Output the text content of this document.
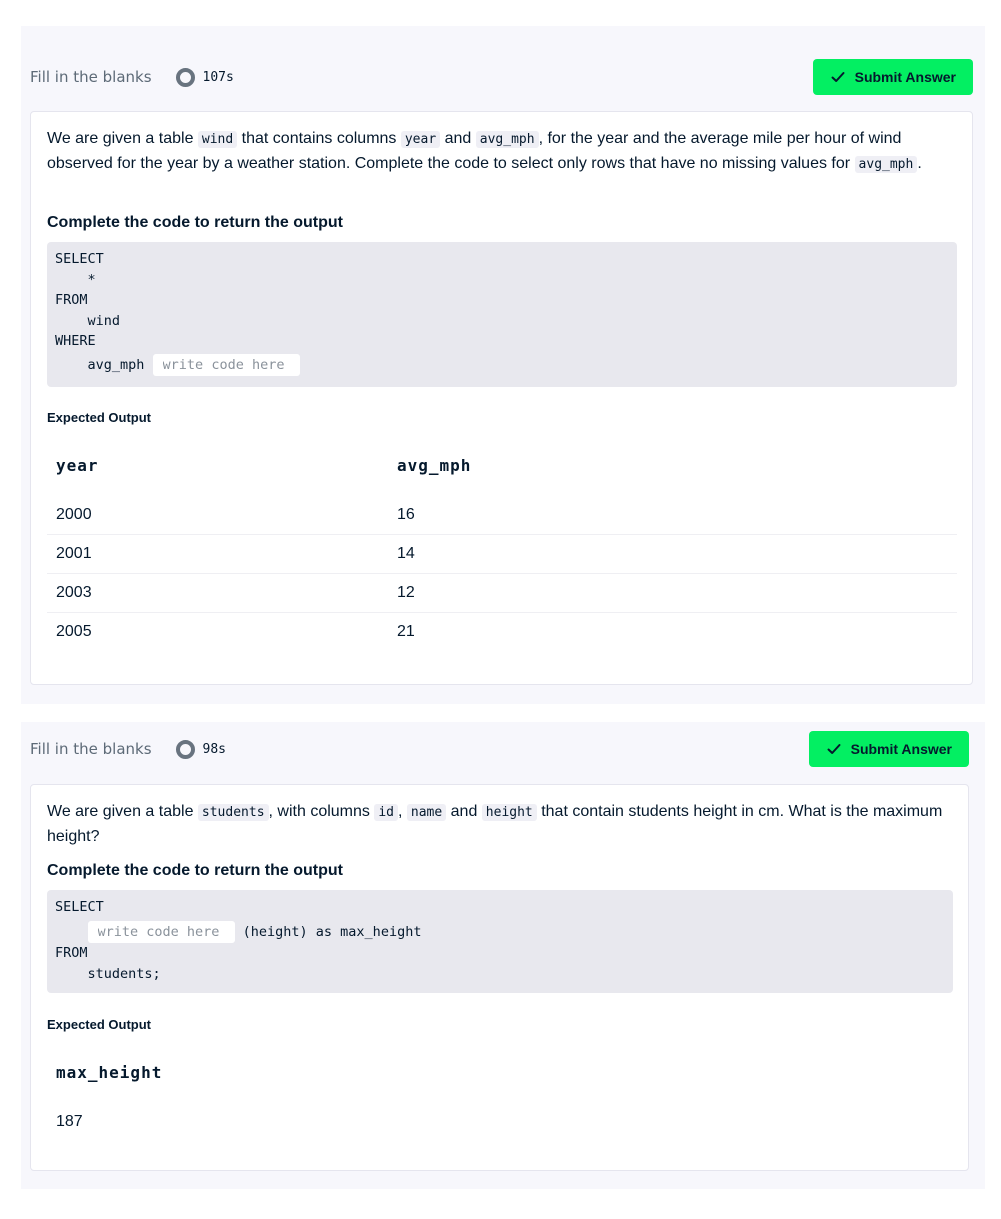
Fill in the blanks	107s	Submit Answer
We are given a table wind that contains columns year and avg_mph , for the year and the average mile per hour of wind observed for the year by a weather station. Complete the code to select only rows that have no missing values for avg_mph .
Complete the code to return the output
SELECT
*
FROM
wind
WHERE
avg_mph write code here
Expected Output
year	avg_mph
2000	16
2001	14
2003	12
2005	21
Fill in the blanks	98s	Submit Answer
We are given a table students , with columns id , name and height that contain students height in cm. What is the maximum height?
Complete the code to return the output
SELECT
write code here (height) as max_height
FROM
students;
Expected Output
max_height
187
